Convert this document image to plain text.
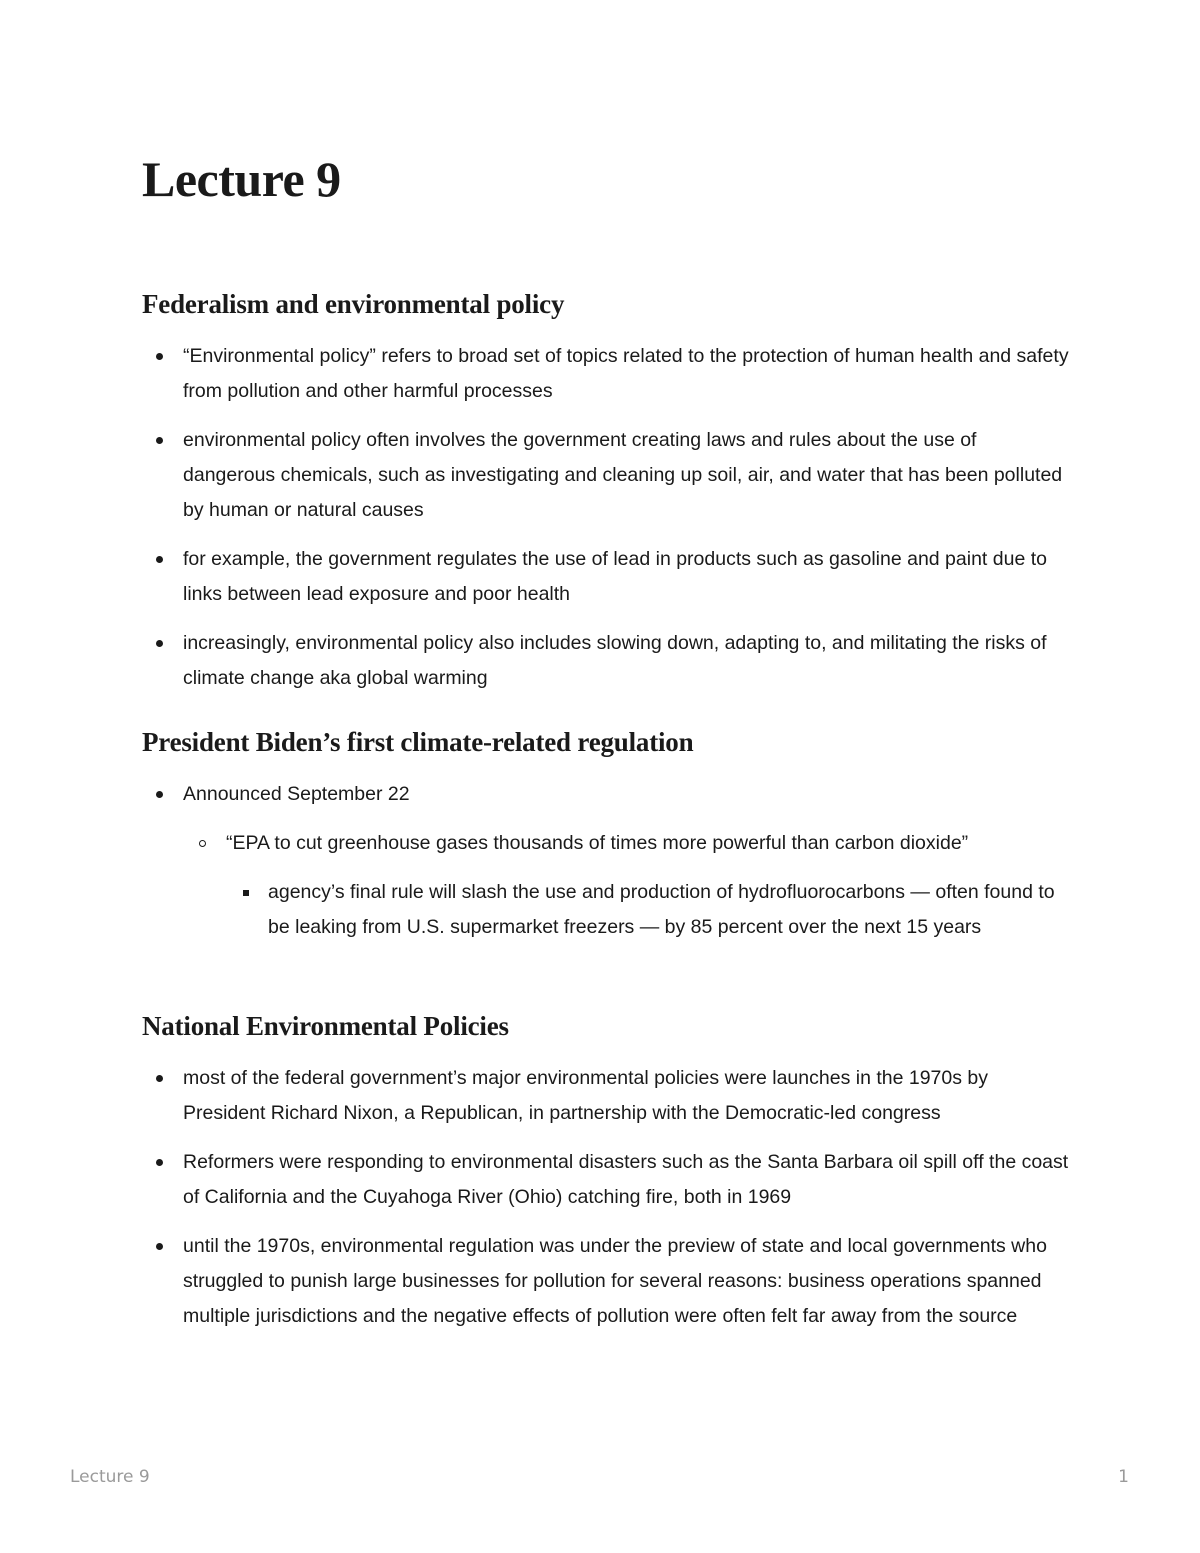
Lecture 9
Federalism and environmental policy
“Environmental policy” refers to broad set of topics related to the protection of human health and safety from pollution and other harmful processes
environmental policy often involves the government creating laws and rules about the use of dangerous chemicals, such as investigating and cleaning up soil, air, and water that has been polluted by human or natural causes
for example, the government regulates the use of lead in products such as gasoline and paint due to links between lead exposure and poor health
increasingly, environmental policy also includes slowing down, adapting to, and militating the risks of climate change aka global warming
President Biden’s first climate-related regulation
Announced September 22
“EPA to cut greenhouse gases thousands of times more powerful than carbon dioxide”
agency’s final rule will slash the use and production of hydrofluorocarbons — often found to be leaking from U.S. supermarket freezers — by 85 percent over the next 15 years
National Environmental Policies
most of the federal government’s major environmental policies were launches in the 1970s by President Richard Nixon, a Republican, in partnership with the Democratic-led congress
Reformers were responding to environmental disasters such as the Santa Barbara oil spill off the coast of California and the Cuyahoga River (Ohio) catching fire, both in 1969
until the 1970s, environmental regulation was under the preview of state and local governments who struggled to punish large businesses for pollution for several reasons: business operations spanned multiple jurisdictions and the negative effects of pollution were often felt far away from the source
Lecture 9	1
